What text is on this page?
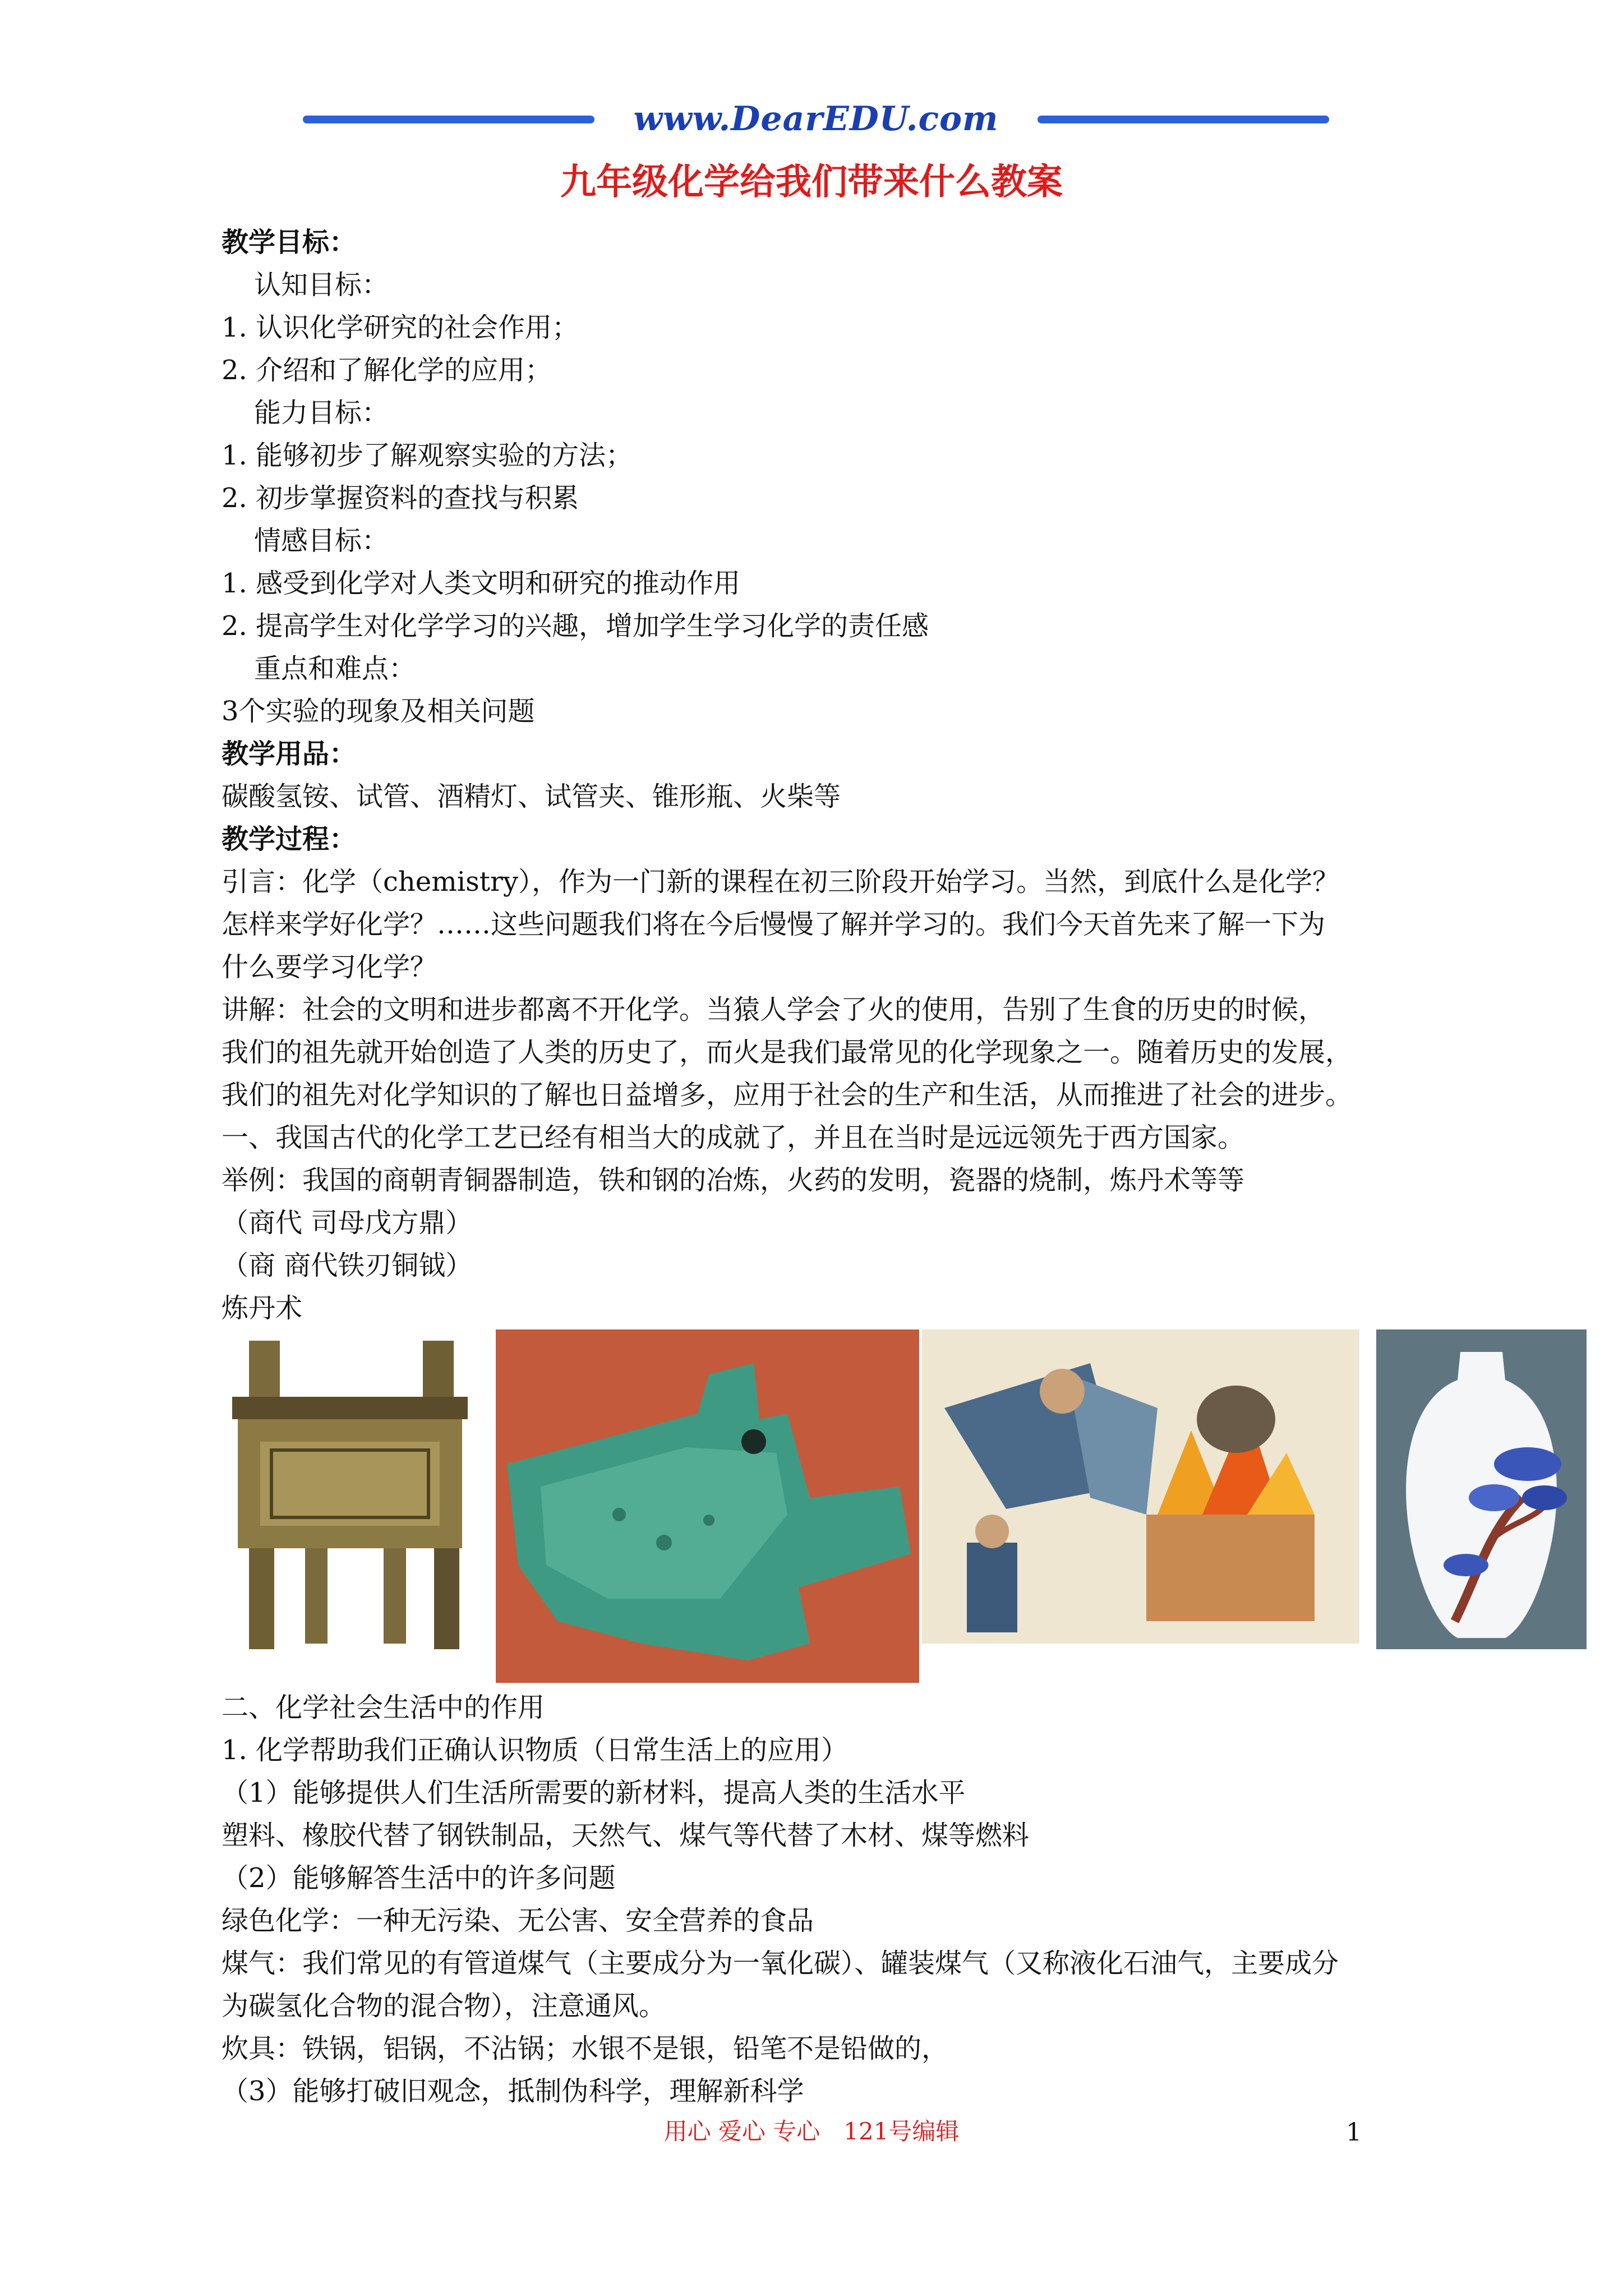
www.DearEDU.com
九年级化学给我们带来什么教案
教学目标：
认知目标：
1. 认识化学研究的社会作用；
2. 介绍和了解化学的应用；
能力目标：
1. 能够初步了解观察实验的方法；
2. 初步掌握资料的查找与积累
情感目标：
1. 感受到化学对人类文明和研究的推动作用
2. 提高学生对化学学习的兴趣，增加学生学习化学的责任感
重点和难点：
3个实验的现象及相关问题
教学用品：
碳酸氢铵、试管、酒精灯、试管夹、锥形瓶、火柴等
教学过程：
引言：化学（chemistry），作为一门新的课程在初三阶段开始学习。当然，到底什么是化学？
怎样来学好化学？……这些问题我们将在今后慢慢了解并学习的。我们今天首先来了解一下为
什么要学习化学？
讲解：社会的文明和进步都离不开化学。当猿人学会了火的使用，告别了生食的历史的时候，
我们的祖先就开始创造了人类的历史了，而火是我们最常见的化学现象之一。随着历史的发展，
我们的祖先对化学知识的了解也日益增多，应用于社会的生产和生活，从而推进了社会的进步。
一、我国古代的化学工艺已经有相当大的成就了，并且在当时是远远领先于西方国家。
举例：我国的商朝青铜器制造，铁和钢的冶炼，火药的发明，瓷器的烧制，炼丹术等等
（商代 司母戊方鼎）
（商 商代铁刃铜钺）
炼丹术
二、化学社会生活中的作用
1. 化学帮助我们正确认识物质（日常生活上的应用）
（1）能够提供人们生活所需要的新材料，提高人类的生活水平
塑料、橡胶代替了钢铁制品，天然气、煤气等代替了木材、煤等燃料
（2）能够解答生活中的许多问题
绿色化学：一种无污染、无公害、安全营养的食品
煤气：我们常见的有管道煤气（主要成分为一氧化碳）、罐装煤气（又称液化石油气，主要成分
为碳氢化合物的混合物），注意通风。
炊具：铁锅，铝锅，不沾锅；水银不是银，铅笔不是铅做的，
（3）能够打破旧观念，抵制伪科学，理解新科学
用心 爱心 专心　121号编辑	1
